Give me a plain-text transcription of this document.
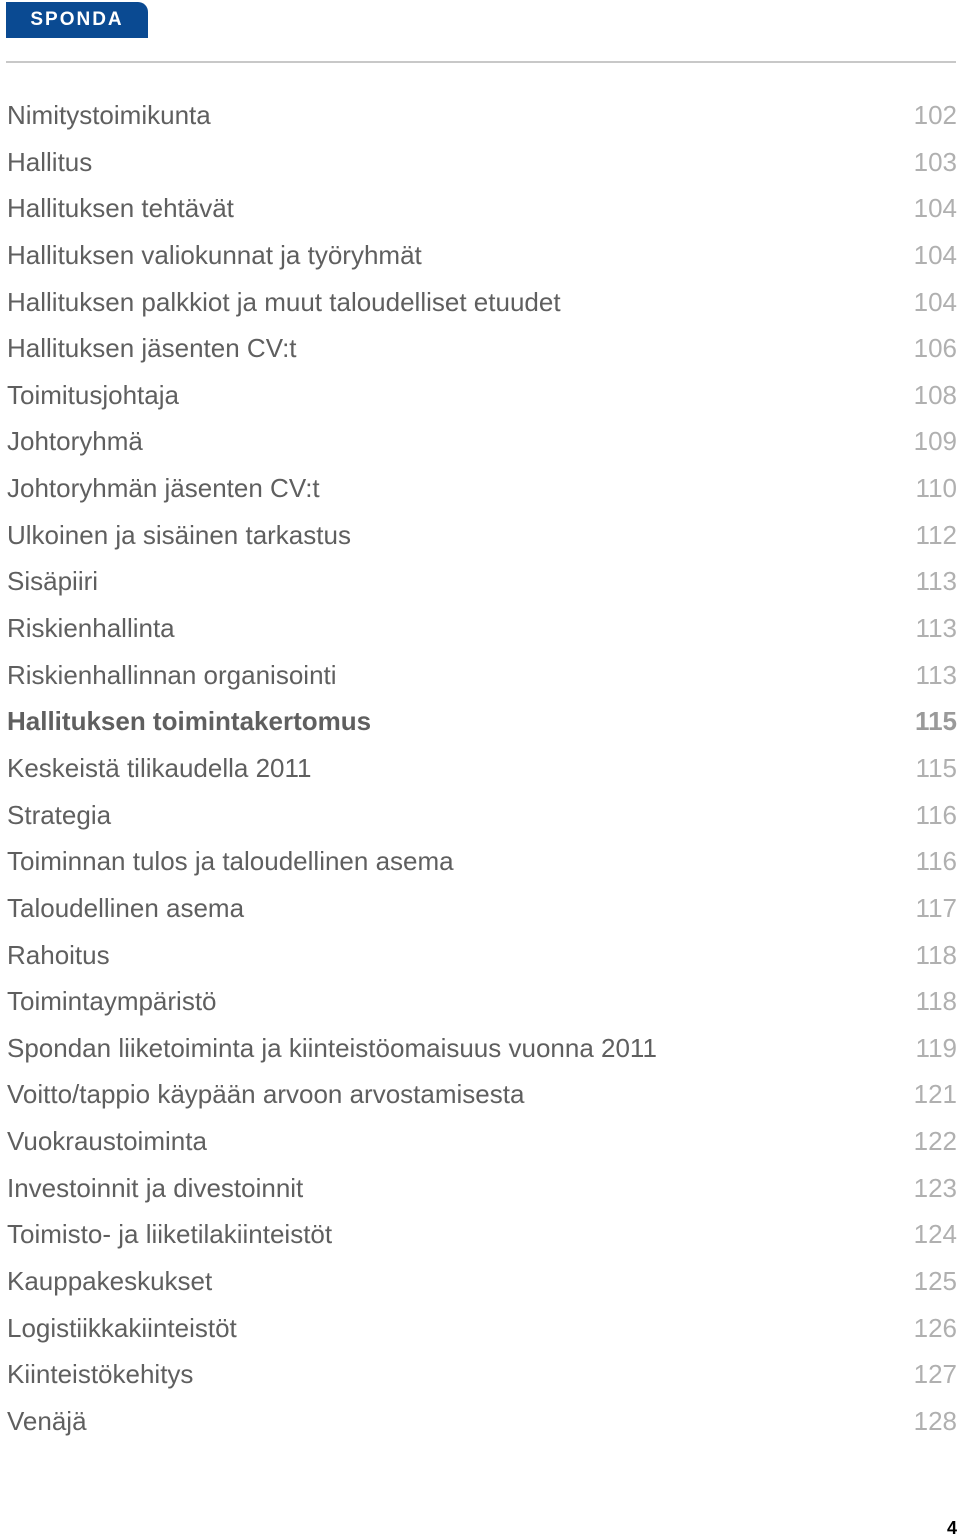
SPONDA
Nimitystoimikunta	102
Hallitus	103
Hallituksen tehtävät	104
Hallituksen valiokunnat ja työryhmät	104
Hallituksen palkkiot ja muut taloudelliset etuudet	104
Hallituksen jäsenten CV:t	106
Toimitusjohtaja	108
Johtoryhmä	109
Johtoryhmän jäsenten CV:t	110
Ulkoinen ja sisäinen tarkastus	112
Sisäpiiri	113
Riskienhallinta	113
Riskienhallinnan organisointi	113
Hallituksen toimintakertomus	115
Keskeistä tilikaudella 2011	115
Strategia	116
Toiminnan tulos ja taloudellinen asema	116
Taloudellinen asema	117
Rahoitus	118
Toimintaympäristö	118
Spondan liiketoiminta ja kiinteistöomaisuus vuonna 2011	119
Voitto/tappio käypään arvoon arvostamisesta	121
Vuokraustoiminta	122
Investoinnit ja divestoinnit	123
Toimisto- ja liiketilakiinteistöt	124
Kauppakeskukset	125
Logistiikkakiinteistöt	126
Kiinteistökehitys	127
Venäjä	128
4
